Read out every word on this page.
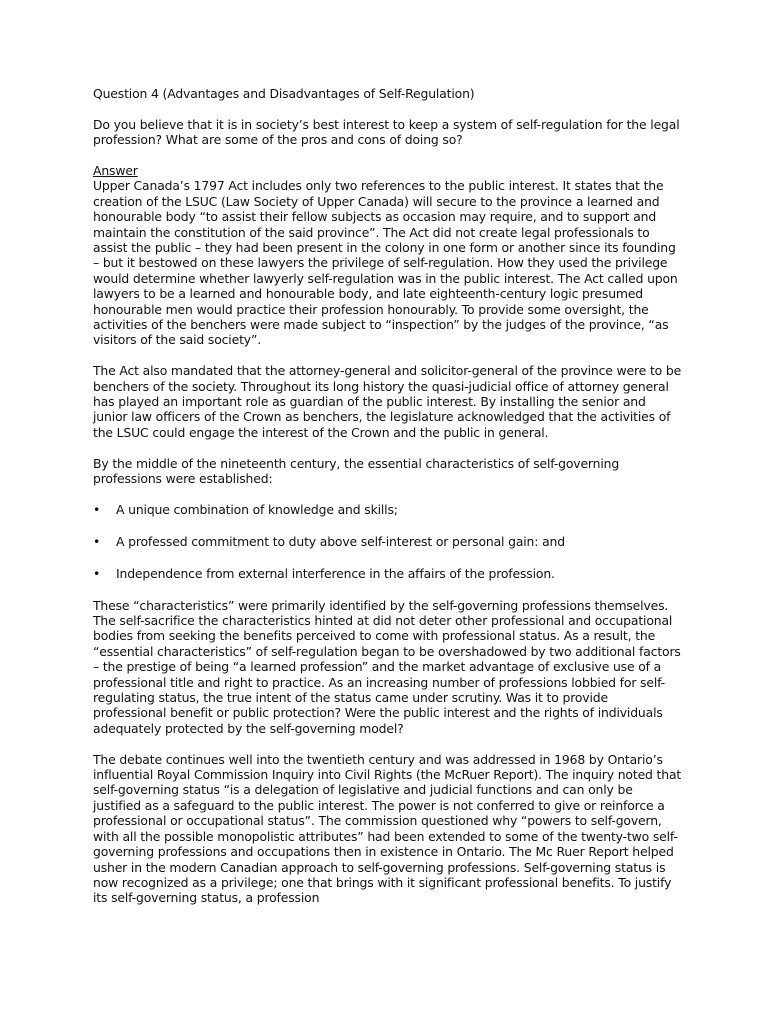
Question 4 (Advantages and Disadvantages of Self-Regulation)

Do you believe that it is in society’s best interest to keep a system of self-regulation for the legal profession? What are some of the pros and cons of doing so?

Answer

Upper Canada’s 1797 Act includes only two references to the public interest. It states that the creation of the LSUC (Law Society of Upper Canada) will secure to the province a learned and honourable body “to assist their fellow subjects as occasion may require, and to support and maintain the constitution of the said province”. The Act did not create legal professionals to assist the public – they had been present in the colony in one form or another since its founding – but it bestowed on these lawyers the privilege of self-regulation. How they used the privilege would determine whether lawyerly self-regulation was in the public interest. The Act called upon lawyers to be a learned and honourable body, and late eighteenth-century logic presumed honourable men would practice their profession honourably. To provide some oversight, the activities of the benchers were made subject to “inspection” by the judges of the province, “as visitors of the said society”.

The Act also mandated that the attorney-general and solicitor-general of the province were to be benchers of the society. Throughout its long history the quasi-judicial office of attorney general has played an important role as guardian of the public interest. By installing the senior and junior law officers of the Crown as benchers, the legislature acknowledged that the activities of the LSUC could engage the interest of the Crown and the public in general.

By the middle of the nineteenth century, the essential characteristics of self-governing professions were established:

• A unique combination of knowledge and skills;
• A professed commitment to duty above self-interest or personal gain: and
• Independence from external interference in the affairs of the profession.

These “characteristics” were primarily identified by the self-governing professions themselves. The self-sacrifice the characteristics hinted at did not deter other professional and occupational bodies from seeking the benefits perceived to come with professional status. As a result, the “essential characteristics” of self-regulation began to be overshadowed by two additional factors – the prestige of being “a learned profession” and the market advantage of exclusive use of a professional title and right to practice. As an increasing number of professions lobbied for self-regulating status, the true intent of the status came under scrutiny. Was it to provide professional benefit or public protection? Were the public interest and the rights of individuals adequately protected by the self-governing model?

The debate continues well into the twentieth century and was addressed in 1968 by Ontario’s influential Royal Commission Inquiry into Civil Rights (the McRuer Report). The inquiry noted that self-governing status “is a delegation of legislative and judicial functions and can only be justified as a safeguard to the public interest. The power is not conferred to give or reinforce a professional or occupational status”. The commission questioned why “powers to self-govern, with all the possible monopolistic attributes” had been extended to some of the twenty-two self-governing professions and occupations then in existence in Ontario. The Mc Ruer Report helped usher in the modern Canadian approach to self-governing professions. Self-governing status is now recognized as a privilege; one that brings with it significant professional benefits. To justify its self-governing status, a profession
